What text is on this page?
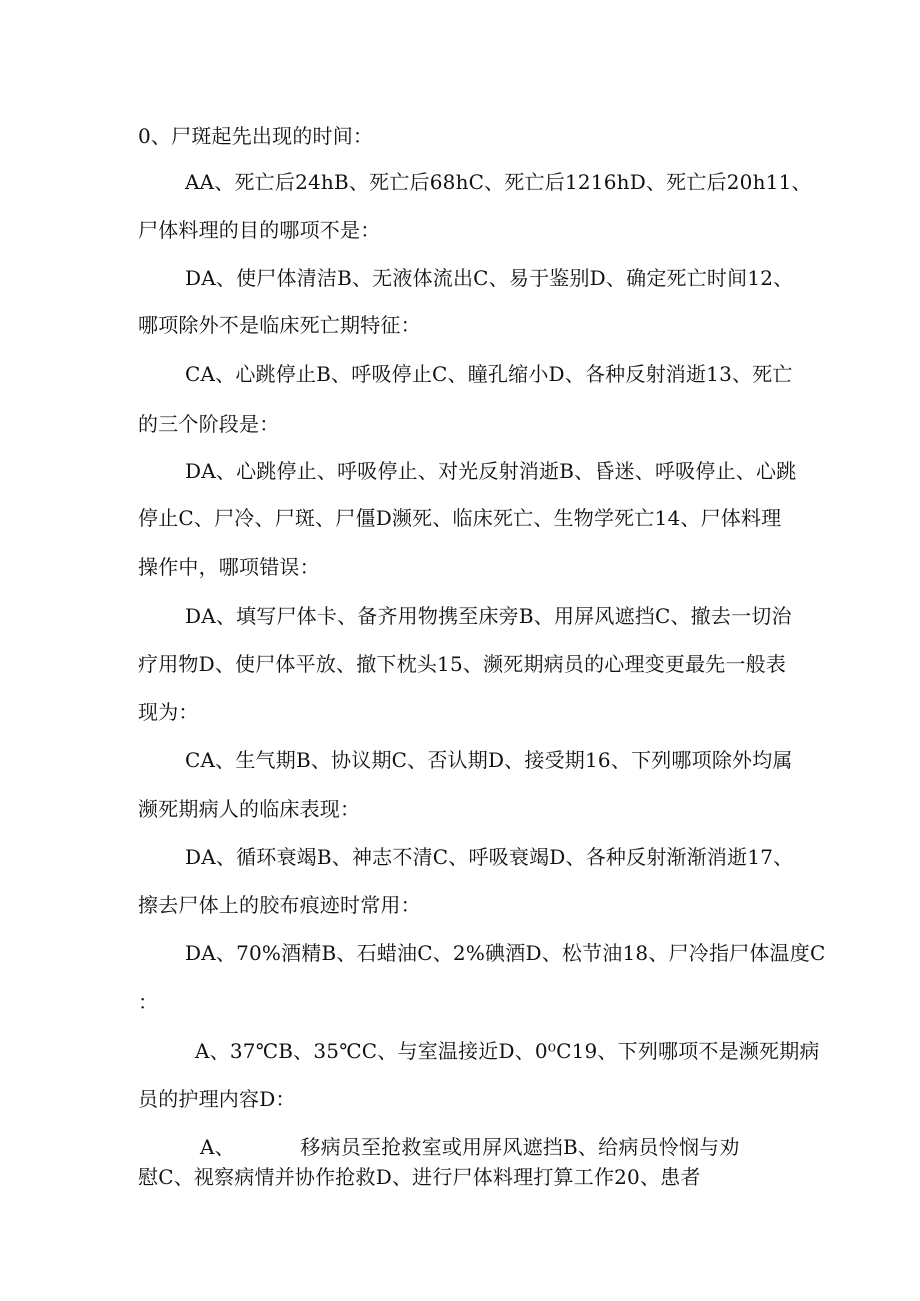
0、尸斑起先出现的时间：
AA、死亡后24hB、死亡后68hC、死亡后1216hD、死亡后20h11、
尸体料理的目的哪项不是：
DA、使尸体清洁B、无液体流出C、易于鉴别D、确定死亡时间12、
哪项除外不是临床死亡期特征：
CA、心跳停止B、呼吸停止C、瞳孔缩小D、各种反射消逝13、死亡
的三个阶段是：
DA、心跳停止、呼吸停止、对光反射消逝B、昏迷、呼吸停止、心跳
停止C、尸冷、尸斑、尸僵D濒死、临床死亡、生物学死亡14、尸体料理
操作中，哪项错误：
DA、填写尸体卡、备齐用物携至床旁B、用屏风遮挡C、撤去一切治
疗用物D、使尸体平放、撤下枕头15、濒死期病员的心理变更最先一般表
现为：
CA、生气期B、协议期C、否认期D、接受期16、下列哪项除外均属
濒死期病人的临床表现：
DA、循环衰竭B、神志不清C、呼吸衰竭D、各种反射渐渐消逝17、
擦去尸体上的胶布痕迹时常用：
DA、70%酒精B、石蜡油C、2%碘酒D、松节油18、尸冷指尸体温度C
：
A、37℃B、35℃C、与室温接近D、0⁰C19、下列哪项不是濒死期病
员的护理内容D：
A、          移病员至抢救室或用屏风遮挡B、给病员怜悯与劝
慰C、视察病情并协作抢救D、进行尸体料理打算工作20、患者
